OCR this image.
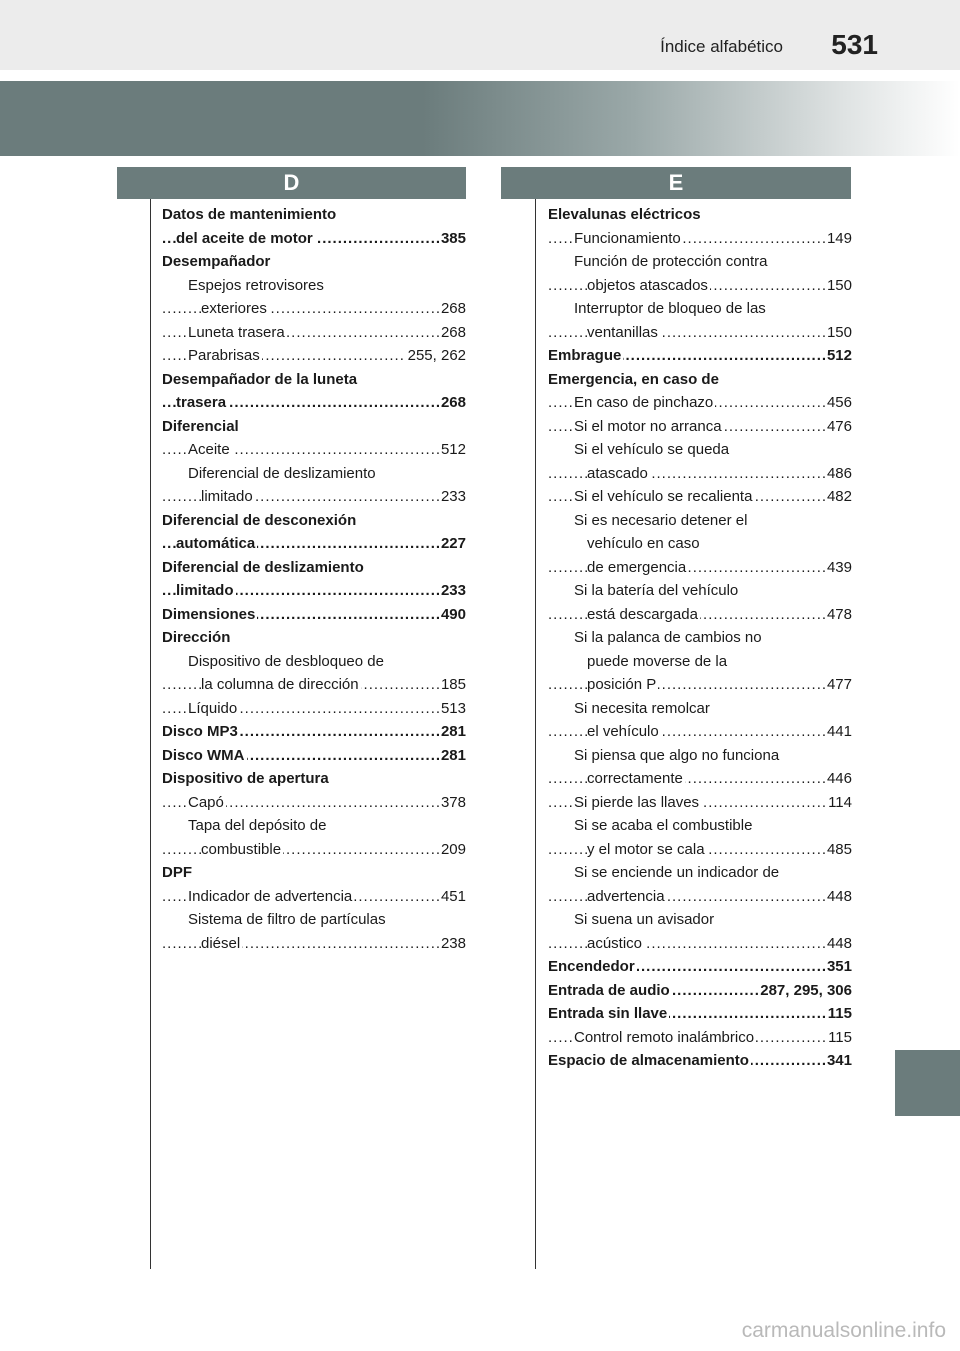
Índice alfabético 531
D	E
Datos de mantenimiento
..... del aceite de motor	385
Desempañador
Espejos retrovisores
..... exteriores	268
..... Luneta trasera	268
..... Parabrisas	255, 262
Desempañador de la luneta
..... trasera	268
Diferencial
..... Aceite	512
Diferencial de deslizamiento
..... limitado	233
Diferencial de desconexión
..... automática	227
Diferencial de deslizamiento
..... limitado	233
..... Dimensiones	490
Dirección
Dispositivo de desbloqueo de
..... la columna de dirección	185
..... Líquido	513
..... Disco MP3	281
..... Disco WMA	281
Dispositivo de apertura
..... Capó	378
Tapa del depósito de
..... combustible	209
DPF
..... Indicador de advertencia	451
Sistema de filtro de partículas
..... diésel	238
Elevalunas eléctricos
..... Funcionamiento	149
Función de protección contra
..... objetos atascados	150
Interruptor de bloqueo de las
..... ventanillas	150
..... Embrague	512
Emergencia, en caso de
..... En caso de pinchazo	456
..... Si el motor no arranca	476
Si el vehículo se queda
..... atascado	486
..... Si el vehículo se recalienta	482
Si es necesario detener el
vehículo en caso
..... de emergencia	439
Si la batería del vehículo
..... está descargada	478
Si la palanca de cambios no
puede moverse de la
..... posición P	477
Si necesita remolcar
..... el vehículo	441
Si piensa que algo no funciona
..... correctamente	446
..... Si pierde las llaves	114
Si se acaba el combustible
..... y el motor se cala	485
Si se enciende un indicador de
..... advertencia	448
Si suena un avisador
..... acústico	448
..... Encendedor	351
..... Entrada de audio	287, 295, 306
..... Entrada sin llave	115
..... Control remoto inalámbrico	115
..... Espacio de almacenamiento	341
carmanualsonline.info
